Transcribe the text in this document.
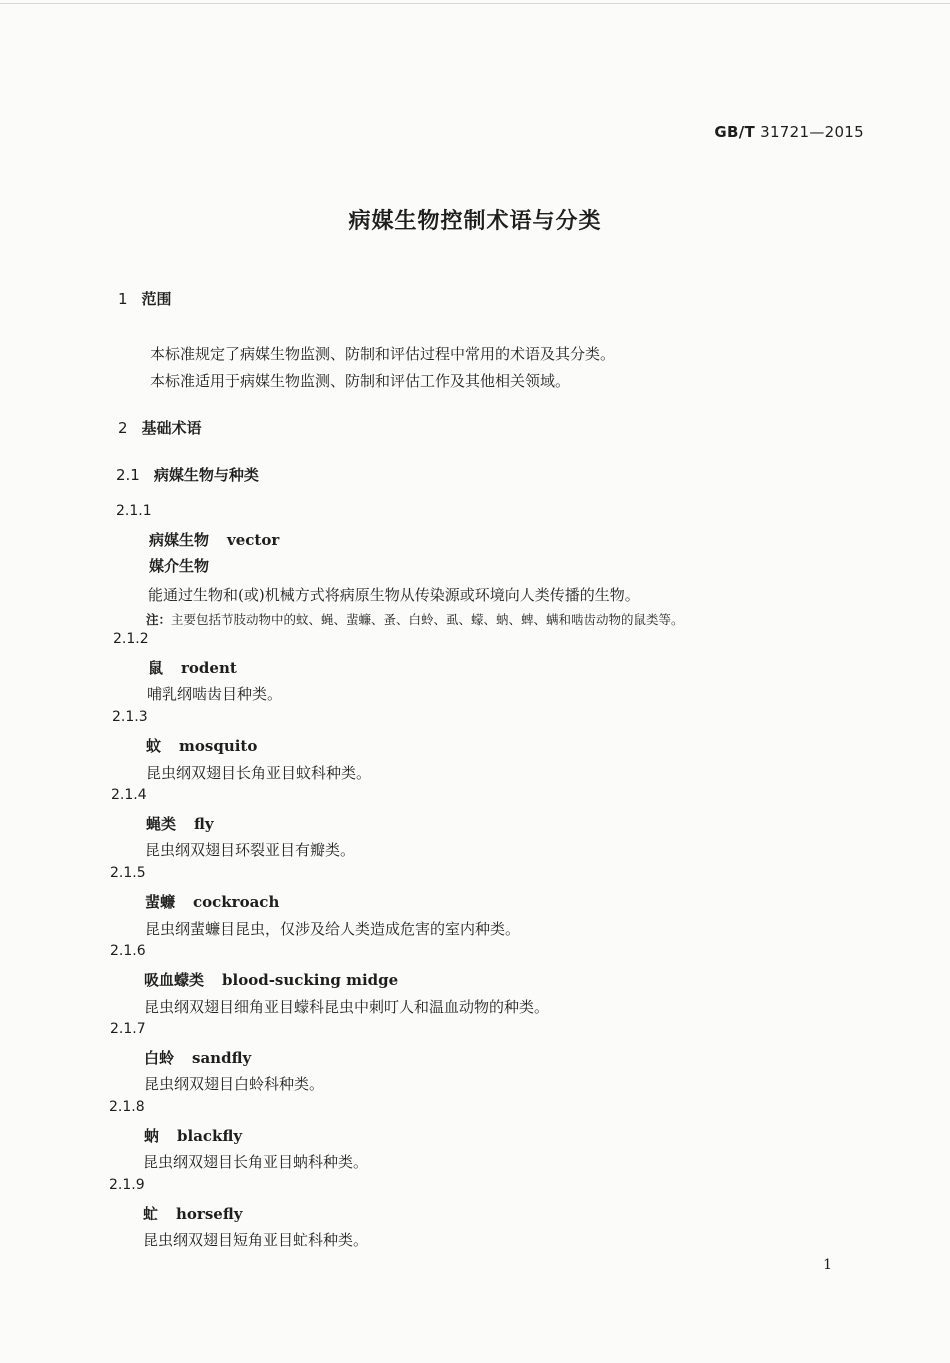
GB/T 31721—2015
病媒生物控制术语与分类
1 范围
本标准规定了病媒生物监测、防制和评估过程中常用的术语及其分类。
本标准适用于病媒生物监测、防制和评估工作及其他相关领域。
2 基础术语
2.1 病媒生物与种类
2.1.1
病媒生物 vector
媒介生物
能通过生物和(或)机械方式将病原生物从传染源或环境向人类传播的生物。
注：主要包括节肢动物中的蚊、蝇、蜚蠊、蚤、白蛉、虱、蠓、蚋、蜱、螨和啮齿动物的鼠类等。
2.1.2
鼠 rodent
哺乳纲啮齿目种类。
2.1.3
蚊 mosquito
昆虫纲双翅目长角亚目蚊科种类。
2.1.4
蝇类 fly
昆虫纲双翅目环裂亚目有瓣类。
2.1.5
蜚蠊 cockroach
昆虫纲蜚蠊目昆虫，仅涉及给人类造成危害的室内种类。
2.1.6
吸血蠓类 blood-sucking midge
昆虫纲双翅目细角亚目蠓科昆虫中刺叮人和温血动物的种类。
2.1.7
白蛉 sandfly
昆虫纲双翅目白蛉科种类。
2.1.8
蚋 blackfly
昆虫纲双翅目长角亚目蚋科种类。
2.1.9
虻 horsefly
昆虫纲双翅目短角亚目虻科种类。
1
